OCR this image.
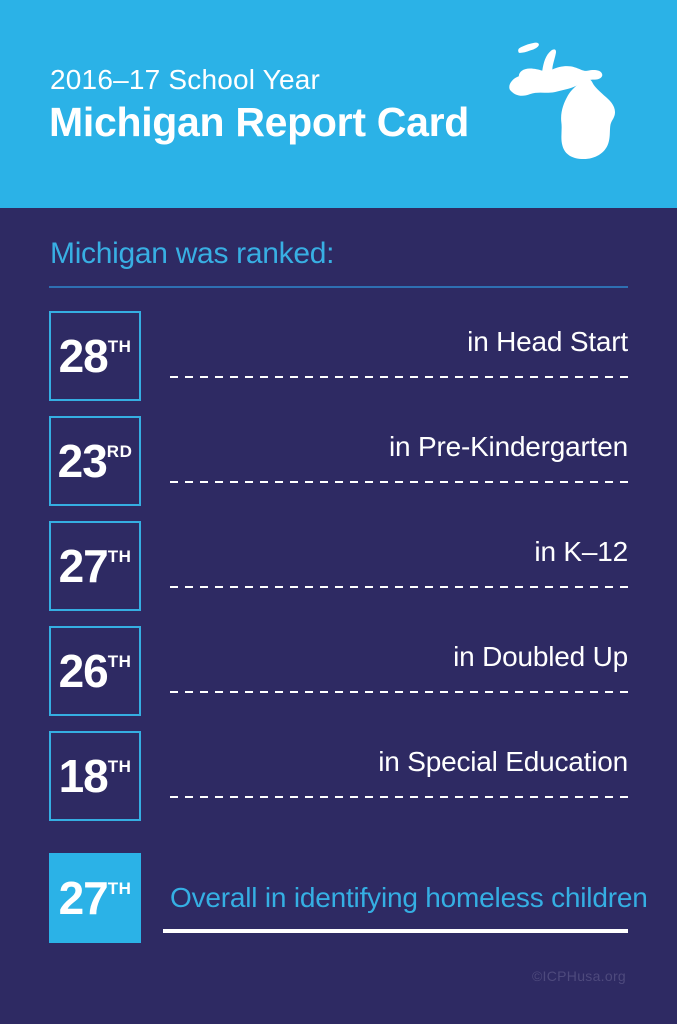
2016–17 School Year
Michigan Report Card
Michigan was ranked:
28 TH	in Head Start
23 RD	in Pre-Kindergarten
27 TH	in K–12
26 TH	in Doubled Up
18 TH	in Special Education
27 TH Overall in identifying homeless children
©ICPHusa.org
